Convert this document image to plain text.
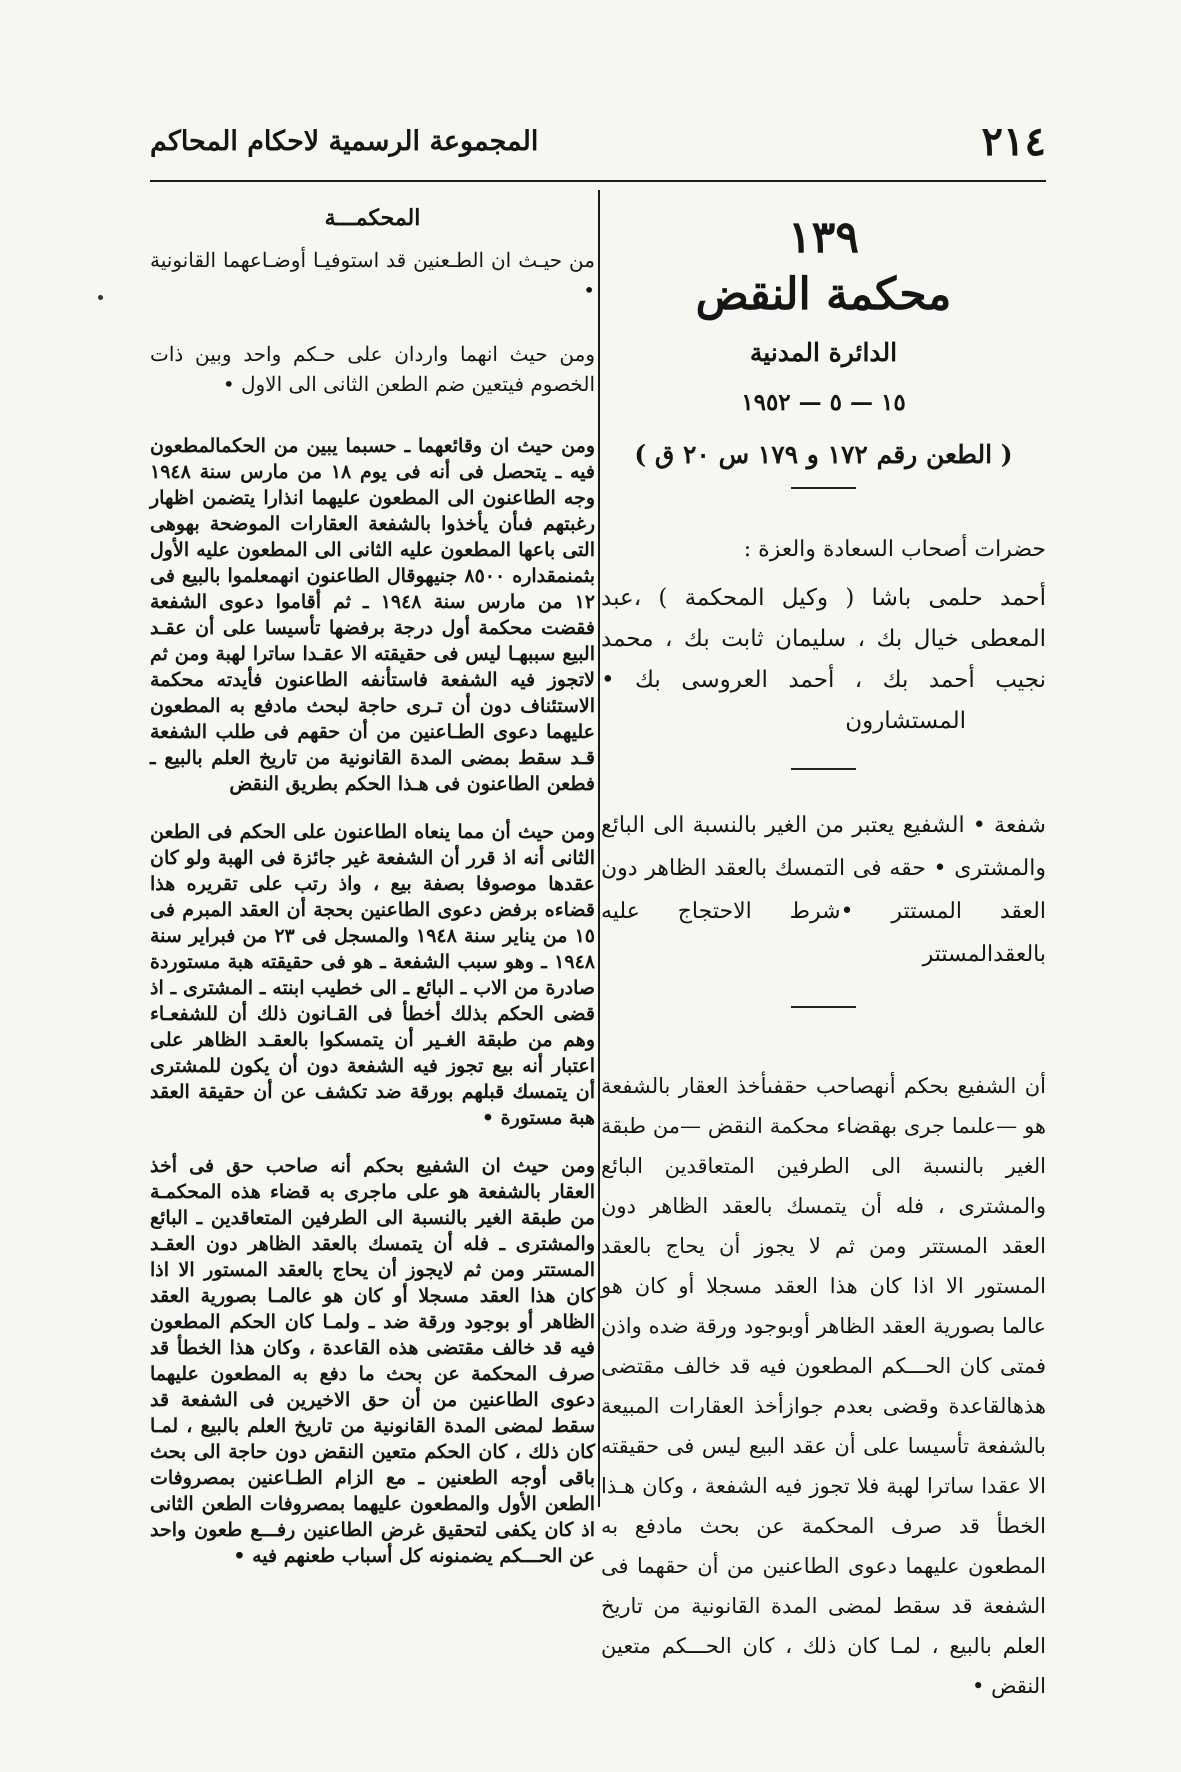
٢١٤
المجموعة الرسمية لاحكام المحاكم
١٣٩
محكمة النقض
الدائرة المدنية
١٥ — ٥ — ١٩٥٢
( الطعن رقم ١٧٢ و ١٧٩ س ٢٠ ق )
حضرات أصحاب السعادة والعزة :

أحمد حلمى باشا ( وكيل المحكمة ) ،عبد المعطى خيال بك ، سليمان ثابت بك ، محمد نجيب أحمد بك ، أحمد العروسى بك •المستشارون

شفعة • الشفيع يعتبر من الغير بالنسبة الى البائع والمشترى • حقه فى التمسك بالعقد الظاهر دون العقد المستتر •شرط الاحتجاج عليه بالعقدالمستتر

أن الشفيع بحكم أنهصاحب حقفىأخذ العقار بالشفعة هو —علىما جرى بهقضاء محكمة النقض —من طبقة الغير بالنسبة الى الطرفين المتعاقدين البائع والمشترى ، فله أن يتمسك بالعقد الظاهر دون العقد المستتر ومن ثم لا يجوز أن يحاج بالعقد المستور الا اذا كان هذا العقد مسجلا أو كان هو عالما بصورية العقد الظاهر أوبوجود ورقة ضده واذن فمتى كان الحـــكم المطعون فيه قد خالف مقتضى هذهالقاعدة وقضى بعدم جوازأخذ العقارات المبيعة بالشفعة تأسيسا على أن عقد البيع ليس فى حقيقته الا عقدا ساترا لهبة فلا تجوز فيه الشفعة ، وكان هـذا الخطأ قد صرف المحكمة عن بحث مادفع به المطعون عليهما دعوى الطاعنين من أن حقهما فى الشفعة قد سقط لمضى المدة القانونية من تاريخ العلم بالبيع ، لمـا كان ذلك ، كان الحـــكم متعين النقض •

المحكمـــة

من حيـث ان الطـعنين قد استوفيـا أوضـاعهما القانونية •

ومن حيث انهما واردان على حـكم واحد وبين ذات الخصوم فيتعين ضم الطعن الثانى الى الاول •

ومن حيث ان وقائعهما ـ حسبما يبين من الحكمالمطعون فيه ـ يتحصل فى أنه فى يوم ١٨ من مارس سنة ١٩٤٨ وجه الطاعنون الى المطعون عليهما انذارا يتضمن اظهار رغبتهم فىأن يأخذوا بالشفعة العقارات الموضحة بهوهى التى باعها المطعون عليه الثانى الى المطعون عليه الأول بثمنمقداره ٨٥٠٠ جنيهوقال الطاعنون انهمعلموا بالبيع فى ١٢ من مارس سنة ١٩٤٨ ـ ثم أقاموا دعوى الشفعة فقضت محكمة أول درجة برفضها تأسيسا على أن عقـد البيع سببهـا ليس فى حقيقته الا عقـدا ساترا لهبة ومن ثم لاتجوز فيه الشفعة فاستأنفه الطاعنون فأيدته محكمة الاستئناف دون أن تـرى حاجة لبحث مادفع به المطعون عليهما دعوى الطـاعنين من أن حقهم فى طلب الشفعة قـد سقط بمضى المدة القانونية من تاريخ العلم بالبيع ـ فطعن الطاعنون فى هـذا الحكم بطريق النقض

ومن حيث أن مما ينعاه الطاعنون على الحكم فى الطعن الثانى أنه اذ قرر أن الشفعة غير جائزة فى الهبة ولو كان عقدها موصوفا بصفة بيع ، واذ رتب على تقريره هذا قضاءه برفض دعوى الطاعنين بحجة أن العقد المبرم فى ١٥ من يناير سنة ١٩٤٨ والمسجل فى ٢٣ من فبراير سنة ١٩٤٨ ـ وهو سبب الشفعة ـ هو فى حقيقته هبة مستوردة صادرة من الاب ـ البائع ـ الى خطيب ابنته ـ المشترى ـ اذ قضى الحكم بذلك أخطأ فى القـانون ذلك أن للشفعـاء وهم من طبقة الغـير أن يتمسكوا بالعقـد الظاهر على اعتبار أنه بيع تجوز فيه الشفعة دون أن يكون للمشترى أن يتمسك قبلهم بورقة ضد تكشف عن أن حقيقة العقد هبة مستورة •

ومن حيث ان الشفيع بحكم أنه صاحب حق فى أخذ العقار بالشفعة هو على ماجرى به قضاء هذه المحكمـة من طبقة الغير بالنسبة الى الطرفين المتعاقدين ـ البائع والمشترى ـ فله أن يتمسك بالعقد الظاهر دون العقـد المستتر ومن ثم لايجوز أن يحاج بالعقد المستور الا اذا كان هذا العقد مسجلا أو كان هو عالمـا بصورية العقد الظاهر أو بوجود ورقة ضد ـ ولمـا كان الحكم المطعون فيه قد خالف مقتضى هذه القاعدة ، وكان هذا الخطأ قد صرف المحكمة عن بحث ما دفع به المطعون عليهما دعوى الطاعنين من أن حق الاخيرين فى الشفعة قد سقط لمضى المدة القانونية من تاريخ العلم بالبيع ، لمـا كان ذلك ، كان الحكم متعين النقض دون حاجة الى بحث باقى أوجه الطعنين ـ مع الزام الطـاعنين بمصروفات الطعن الأول والمطعون عليهما بمصروفات الطعن الثانى اذ كان يكفى لتحقيق غرض الطاعنين رفـــع طعون واحد عن الحـــكم يضمنونه كل أسباب طعنهم فيه •
